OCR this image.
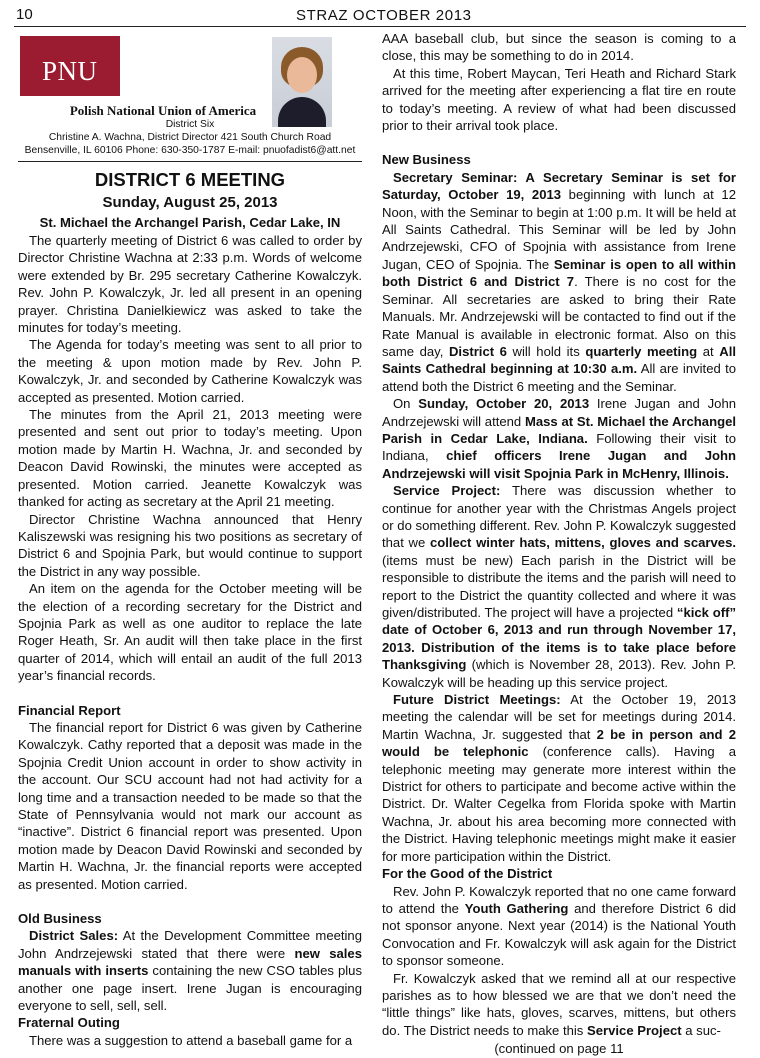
10	STRAZ OCTOBER 2013
PNU
Polish National Union of America
District Six
Christine A. Wachna, District Director 421 South Church Road
Bensenville, IL 60106 Phone: 630-350-1787 E-mail: pnuofadist6@att.net
DISTRICT 6 MEETING
Sunday, August 25, 2013
St. Michael the Archangel Parish, Cedar Lake, IN

The quarterly meeting of District 6 was called to order by Director Christine Wachna at 2:33 p.m. Words of welcome were extended by Br. 295 secretary Catherine Kowalczyk. Rev. John P. Kowalczyk, Jr. led all present in an opening prayer. Christina Danielkiewicz was asked to take the minutes for today’s meeting.

The Agenda for today’s meeting was sent to all prior to the meeting & upon motion made by Rev. John P. Kowalczyk, Jr. and seconded by Catherine Kowalczyk was accepted as presented. Motion carried.

The minutes from the April 21, 2013 meeting were presented and sent out prior to today’s meeting. Upon motion made by Martin H. Wachna, Jr. and seconded by Deacon David Rowinski, the minutes were accepted as presented. Motion carried. Jeanette Kowalczyk was thanked for acting as secretary at the April 21 meeting.

Director Christine Wachna announced that Henry Kaliszewski was resigning his two positions as secretary of District 6 and Spojnia Park, but would continue to support the District in any way possible.

An item on the agenda for the October meeting will be the election of a recording secretary for the District and Spojnia Park as well as one auditor to replace the late Roger Heath, Sr. An audit will then take place in the first quarter of 2014, which will entail an audit of the full 2013 year’s financial records.

Financial Report

The financial report for District 6 was given by Catherine Kowalczyk. Cathy reported that a deposit was made in the Spojnia Credit Union account in order to show activity in the account. Our SCU account had not had activity for a long time and a transaction needed to be made so that the State of Pennsylvania would not mark our account as “inactive”. District 6 financial report was presented. Upon motion made by Deacon David Rowinski and seconded by Martin H. Wachna, Jr. the financial reports were accepted as presented. Motion carried.

Old Business

District Sales: At the Development Committee meeting John Andrzejewski stated that there were new sales manuals with inserts containing the new CSO tables plus another one page insert. Irene Jugan is encouraging everyone to sell, sell, sell.

Fraternal Outing

There was a suggestion to attend a baseball game for a

AAA baseball club, but since the season is coming to a close, this may be something to do in 2014.

At this time, Robert Maycan, Teri Heath and Richard Stark arrived for the meeting after experiencing a flat tire en route to today’s meeting. A review of what had been discussed prior to their arrival took place.

New Business

Secretary Seminar: A Secretary Seminar is set for Saturday, October 19, 2013 beginning with lunch at 12 Noon, with the Seminar to begin at 1:00 p.m. It will be held at All Saints Cathedral. This Seminar will be led by John Andrzejewski, CFO of Spojnia with assistance from Irene Jugan, CEO of Spojnia. The Seminar is open to all within both District 6 and District 7. There is no cost for the Seminar. All secretaries are asked to bring their Rate Manuals. Mr. Andrzejewski will be contacted to find out if the Rate Manual is available in electronic format. Also on this same day, District 6 will hold its quarterly meeting at All Saints Cathedral beginning at 10:30 a.m. All are invited to attend both the District 6 meeting and the Seminar.

On Sunday, October 20, 2013 Irene Jugan and John Andrzejewski will attend Mass at St. Michael the Archangel Parish in Cedar Lake, Indiana. Following their visit to Indiana, chief officers Irene Jugan and John Andrzejewski will visit Spojnia Park in McHenry, Illinois.

Service Project: There was discussion whether to continue for another year with the Christmas Angels project or do something different. Rev. John P. Kowalczyk suggested that we collect winter hats, mittens, gloves and scarves. (items must be new) Each parish in the District will be responsible to distribute the items and the parish will need to report to the District the quantity collected and where it was given/distributed. The project will have a projected “kick off” date of October 6, 2013 and run through November 17, 2013. Distribution of the items is to take place before Thanksgiving (which is November 28, 2013). Rev. John P. Kowalczyk will be heading up this service project.

Future District Meetings: At the October 19, 2013 meeting the calendar will be set for meetings during 2014. Martin Wachna, Jr. suggested that 2 be in person and 2 would be telephonic (conference calls). Having a telephonic meeting may generate more interest within the District for others to participate and become active within the District. Dr. Walter Cegelka from Florida spoke with Martin Wachna, Jr. about his area becoming more connected with the District. Having telephonic meetings might make it easier for more participation within the District.

For the Good of the District

Rev. John P. Kowalczyk reported that no one came forward to attend the Youth Gathering and therefore District 6 did not sponsor anyone. Next year (2014) is the National Youth Convocation and Fr. Kowalczyk will ask again for the District to sponsor someone.

Fr. Kowalczyk asked that we remind all at our respective parishes as to how blessed we are that we don’t need the “little things” like hats, gloves, scarves, mittens, but others do. The District needs to make this Service Project a suc-

(continued on page 11
